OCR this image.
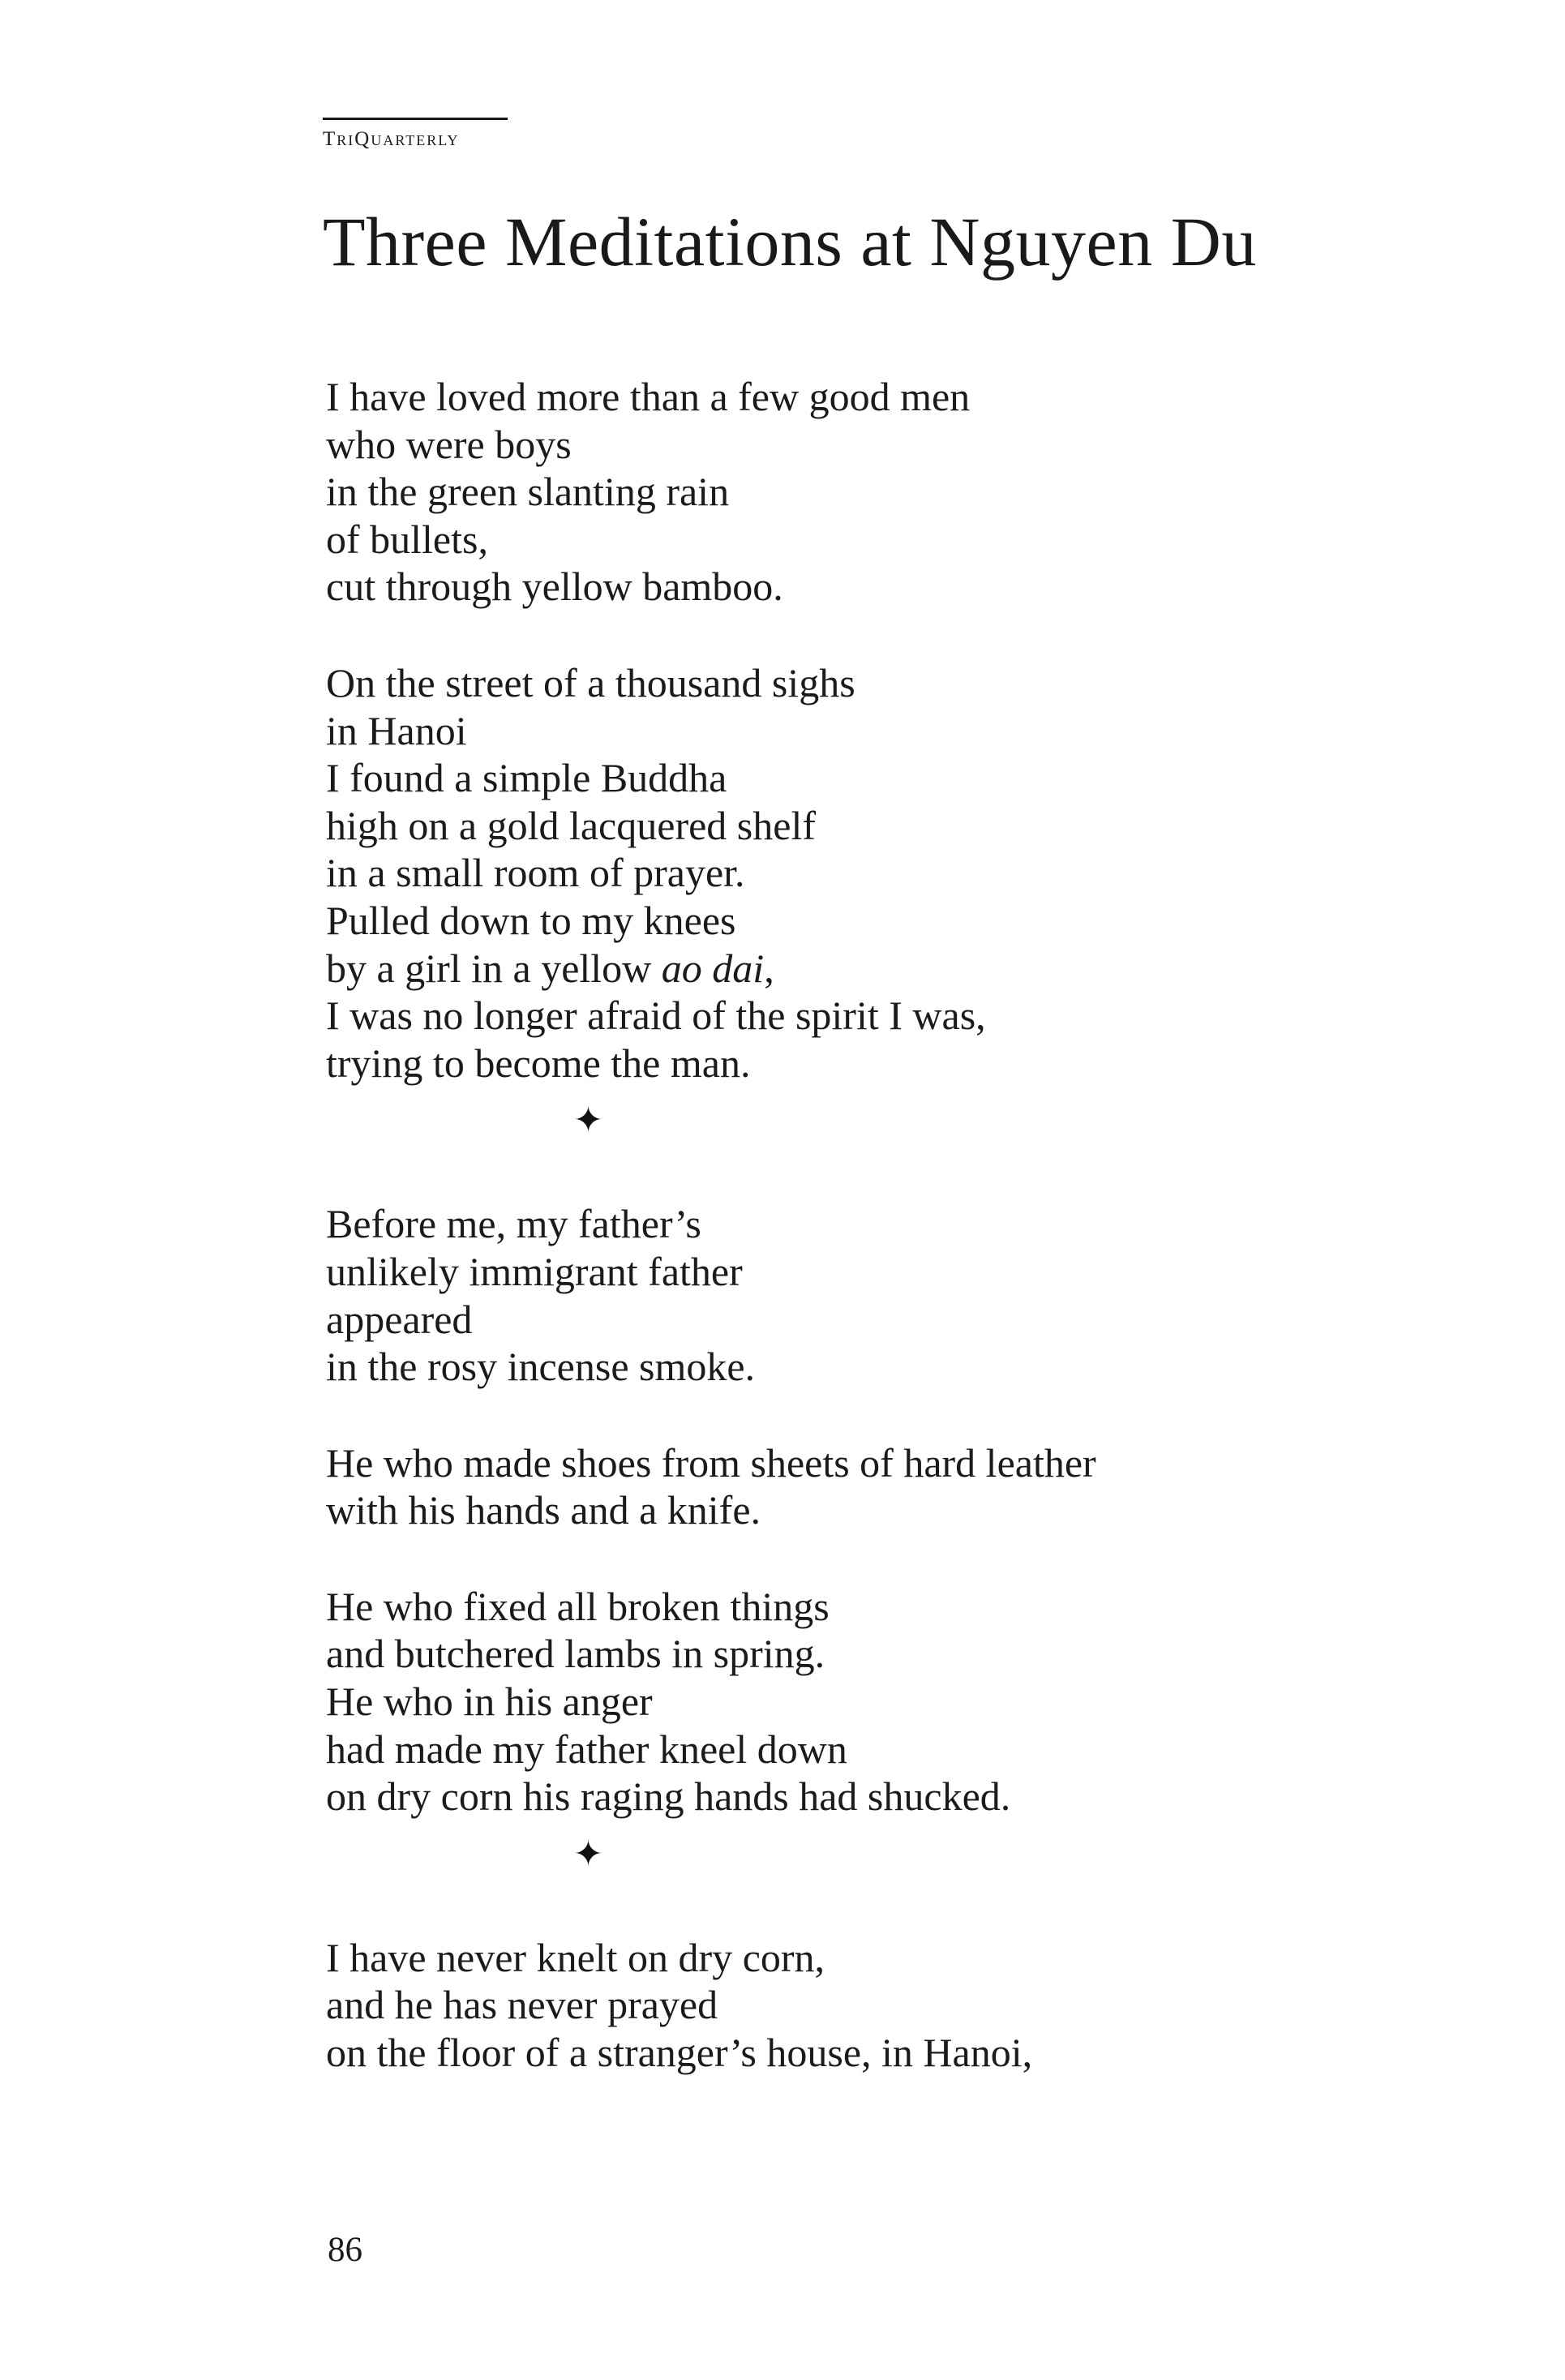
TriQuarterly
Three Meditations at Nguyen Du
I have loved more than a few good men
who were boys
in the green slanting rain
of bullets,
cut through yellow bamboo.
On the street of a thousand sighs
in Hanoi
I found a simple Buddha
high on a gold lacquered shelf
in a small room of prayer.
Pulled down to my knees
by a girl in a yellow ao dai,
I was no longer afraid of the spirit I was,
trying to become the man.
✦
Before me, my father’s
unlikely immigrant father
appeared
in the rosy incense smoke.
He who made shoes from sheets of hard leather
with his hands and a knife.
He who fixed all broken things
and butchered lambs in spring.
He who in his anger
had made my father kneel down
on dry corn his raging hands had shucked.
✦
I have never knelt on dry corn,
and he has never prayed
on the floor of a stranger’s house, in Hanoi,
86
